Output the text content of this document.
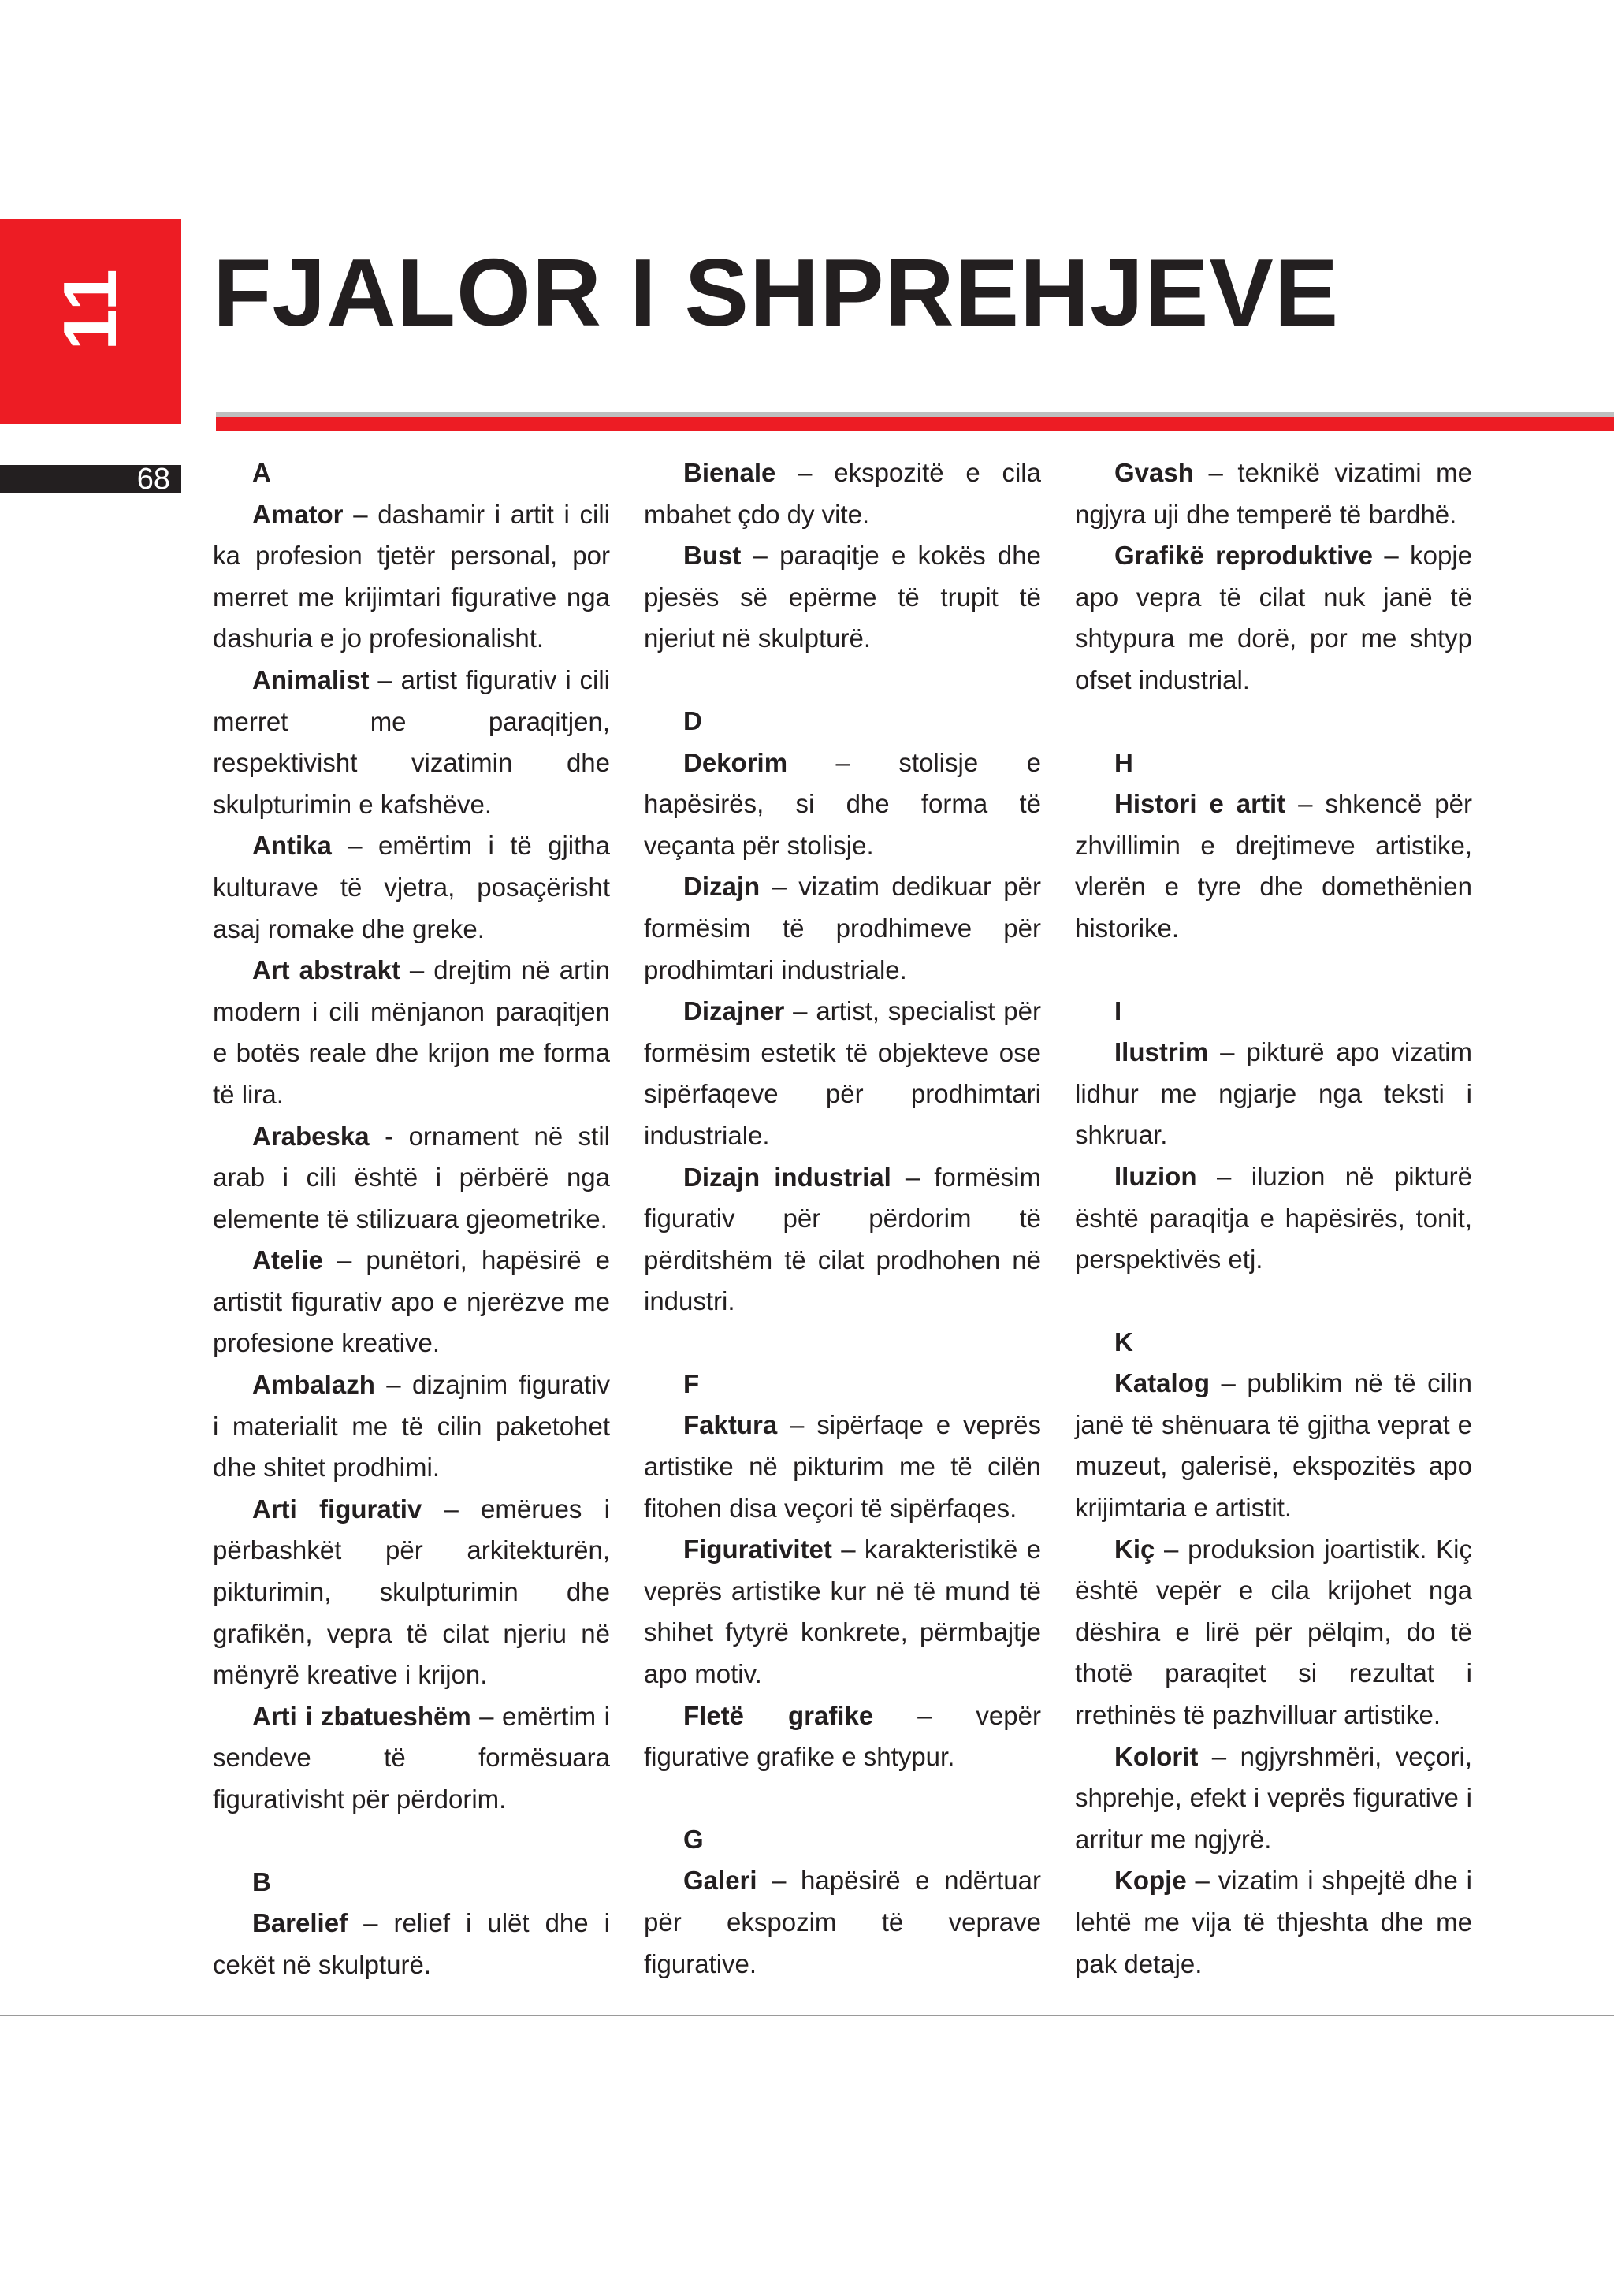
11 FJALOR I SHPREHJEVE
68	A

Amator – dashamir i artit i cili ka profesion tjetër personal, por merret me krijimtari figurative nga dashuria e jo profesionalisht.

Animalist – artist figurativ i cili merret me paraqitjen, respektivisht vizatimin dhe skulpturimin e kafshëve.

Antika – emërtim i të gjitha kulturave të vjetra, posaçërisht asaj romake dhe greke.

Art abstrakt – drejtim në artin modern i cili mënjanon paraqitjen e botës reale dhe krijon me forma të lira.

Arabeska - ornament në stil arab i cili është i përbërë nga elemente të stilizuara gjeometrike.

Atelie – punëtori, hapësirë e artistit figurativ apo e njerëzve me profesione kreative.

Ambalazh – dizajnim figurativ i materialit me të cilin paketohet dhe shitet prodhimi.

Arti figurativ – emërues i përbashkët për arkitekturën, pikturimin, skulpturimin dhe grafikën, vepra të cilat njeriu në mënyrë kreative i krijon.

Arti i zbatueshëm – emërtim i sendeve të formësuara figurativisht për përdorim.

B

Barelief – relief i ulët dhe i cekët në skulpturë.

Bienale – ekspozitë e cila mbahet çdo dy vite.

Bust – paraqitje e kokës dhe pjesës së epërme të trupit të njeriut në skulpturë.

D

Dekorim – stolisje e hapësirës, si dhe forma të veçanta për stolisje.

Dizajn – vizatim dedikuar për formësim të prodhimeve për prodhimtari industriale.

Dizajner – artist, specialist për formësim estetik të objekteve ose sipërfaqeve për prodhimtari industriale.

Dizajn industrial – formësim figurativ për përdorim të përditshëm të cilat prodhohen në industri.

F

Faktura – sipërfaqe e veprës artistike në pikturim me të cilën fitohen disa veçori të sipërfaqes.

Figurativitet – karakteristikë e veprës artistike kur në të mund të shihet fytyrë konkrete, përmbajtje apo motiv.

Fletë grafike – vepër figurative grafike e shtypur.

G

Galeri – hapësirë e ndërtuar për ekspozim të veprave figurative.

Gvash – teknikë vizatimi me ngjyra uji dhe temperë të bardhë.

Grafikë reproduktive – kopje apo vepra të cilat nuk janë të shtypura me dorë, por me shtyp ofset industrial.

H

Histori e artit – shkencë për zhvillimin e drejtimeve artistike, vlerën e tyre dhe domethënien historike.

I

Ilustrim – pikturë apo vizatim lidhur me ngjarje nga teksti i shkruar.

Iluzion – iluzion në pikturë është paraqitja e hapësirës, tonit, perspektivës etj.

K

Katalog – publikim në të cilin janë të shënuara të gjitha veprat e muzeut, galerisë, ekspozitës apo krijimtaria e artistit.

Kiç – produksion joartistik. Kiç është vepër e cila krijohet nga dëshira e lirë për pëlqim, do të thotë paraqitet si rezultat i rrethinës të pazhvilluar artistike.

Kolorit – ngjyrshmëri, veçori, shprehje, efekt i veprës figurative i arritur me ngjyrë.

Kopje – vizatim i shpejtë dhe i lehtë me vija të thjeshta dhe me pak detaje.
